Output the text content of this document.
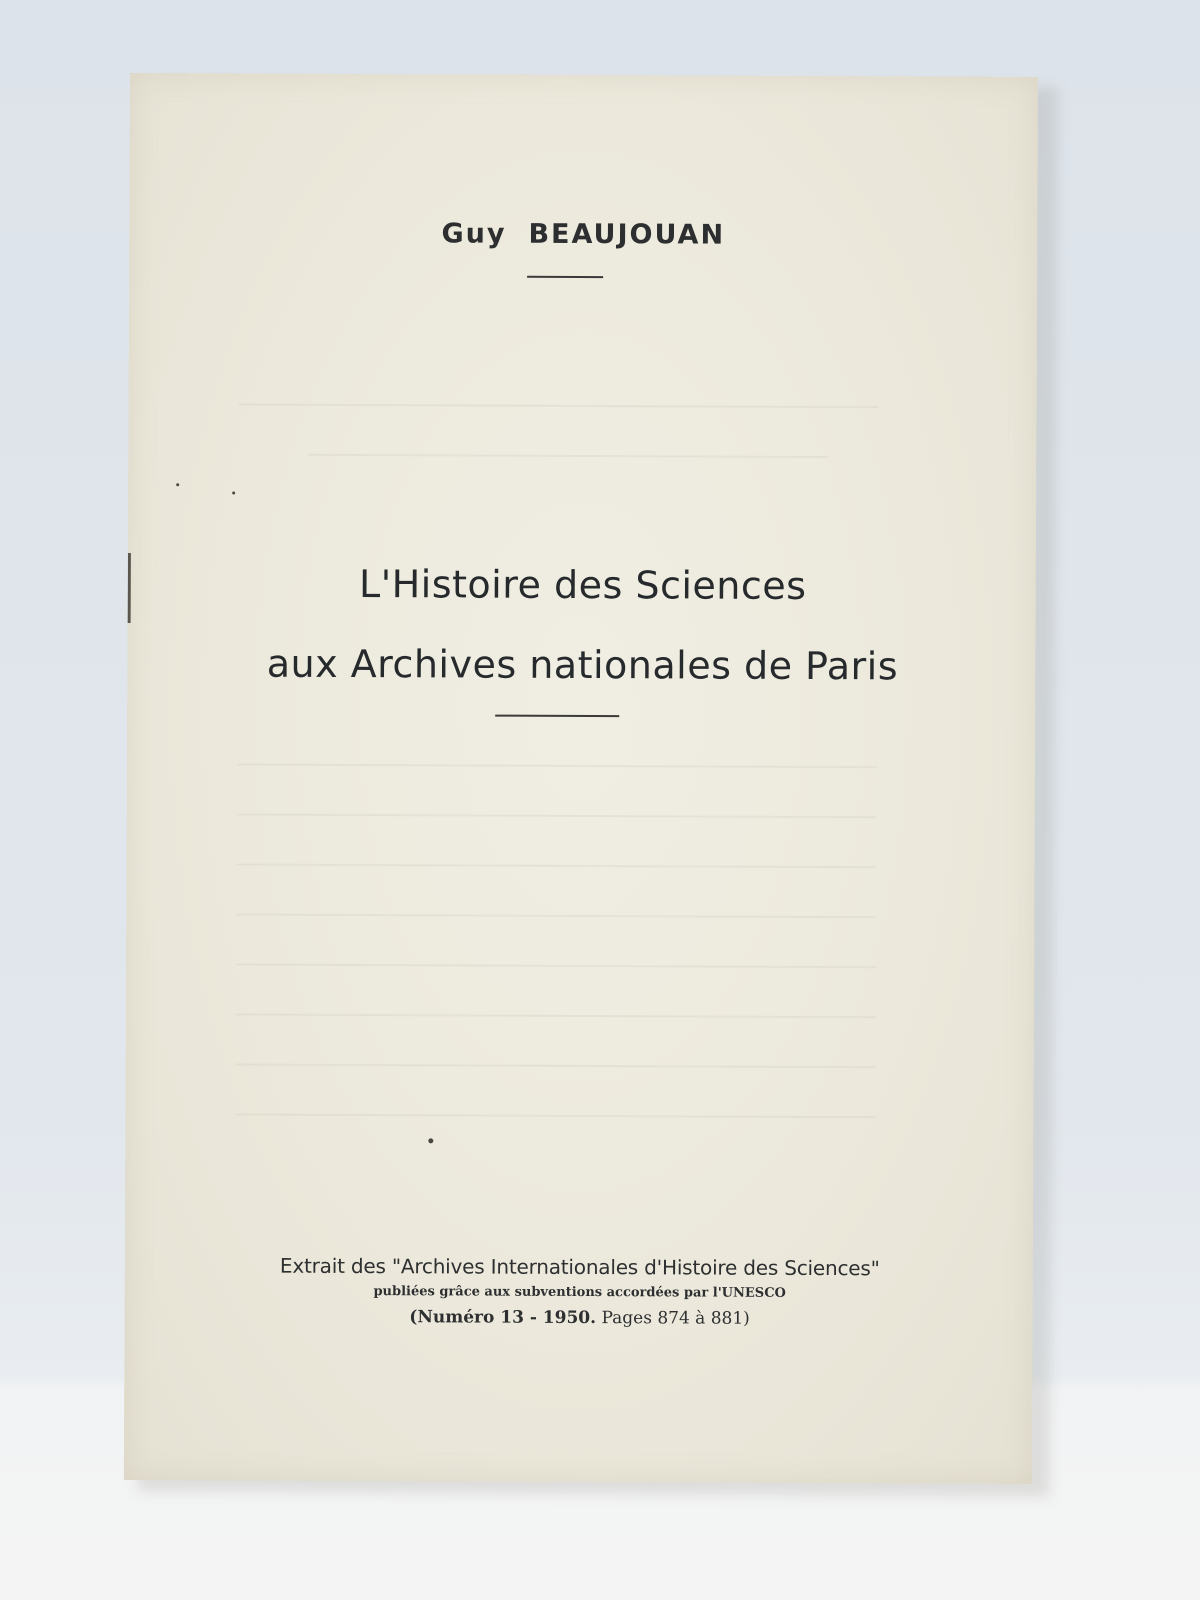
Guy BEAUJOUAN
L'Histoire des Sciences
aux Archives nationales de Paris
Extrait des "Archives Internationales d'Histoire des Sciences"
publiées grâce aux subventions accordées par l'UNESCO
(Numéro 13 - 1950. Pages 874 à 881)
